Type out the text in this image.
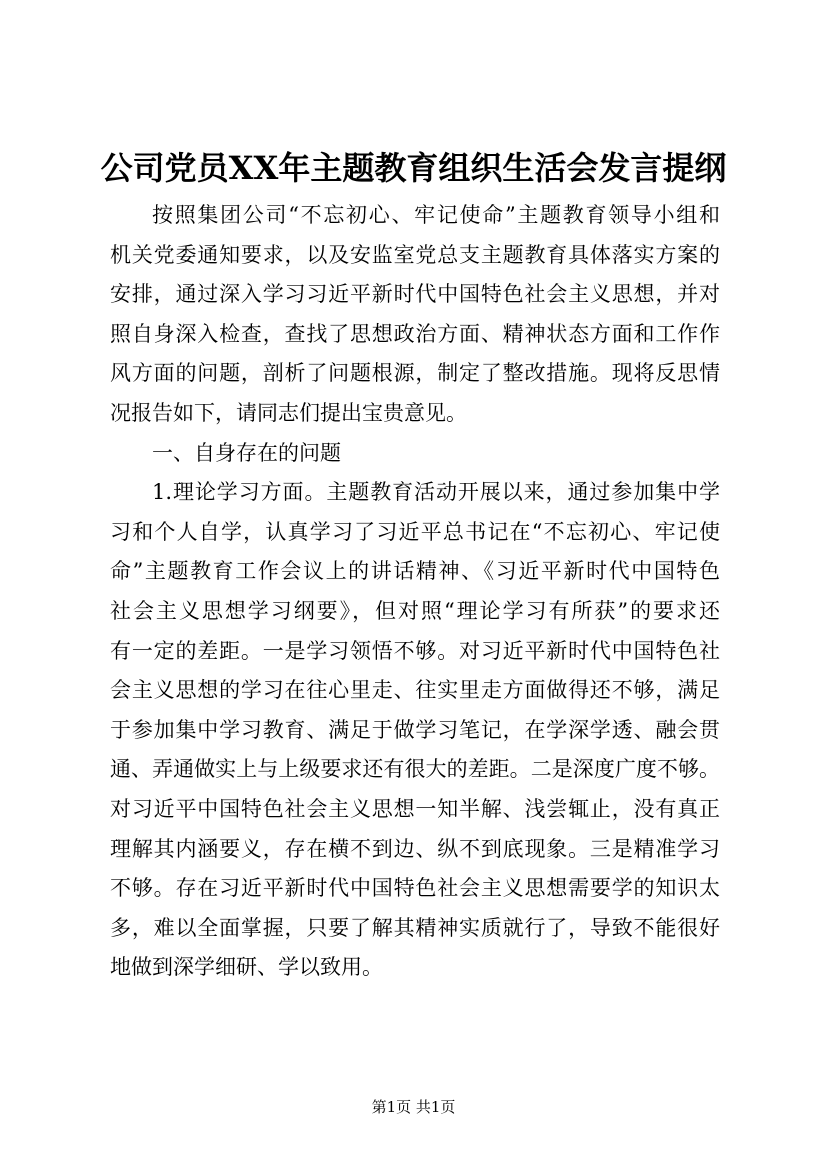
公司党员XX年主题教育组织生活会发言提纲
按照集团公司“不忘初心、牢记使命”主题教育领导小组和
机关党委通知要求，以及安监室党总支主题教育具体落实方案的
安排，通过深入学习习近平新时代中国特色社会主义思想，并对
照自身深入检查，查找了思想政治方面、精神状态方面和工作作
风方面的问题，剖析了问题根源，制定了整改措施。现将反思情
况报告如下，请同志们提出宝贵意见。
一、自身存在的问题
1.理论学习方面。主题教育活动开展以来，通过参加集中学
习和个人自学，认真学习了习近平总书记在“不忘初心、牢记使
命”主题教育工作会议上的讲话精神、《习近平新时代中国特色
社会主义思想学习纲要》，但对照“理论学习有所获”的要求还
有一定的差距。一是学习领悟不够。对习近平新时代中国特色社
会主义思想的学习在往心里走、往实里走方面做得还不够，满足
于参加集中学习教育、满足于做学习笔记，在学深学透、融会贯
通、弄通做实上与上级要求还有很大的差距。二是深度广度不够。
对习近平中国特色社会主义思想一知半解、浅尝辄止，没有真正
理解其内涵要义，存在横不到边、纵不到底现象。三是精准学习
不够。存在习近平新时代中国特色社会主义思想需要学的知识太
多，难以全面掌握，只要了解其精神实质就行了，导致不能很好
地做到深学细研、学以致用。
第1页 共1页
